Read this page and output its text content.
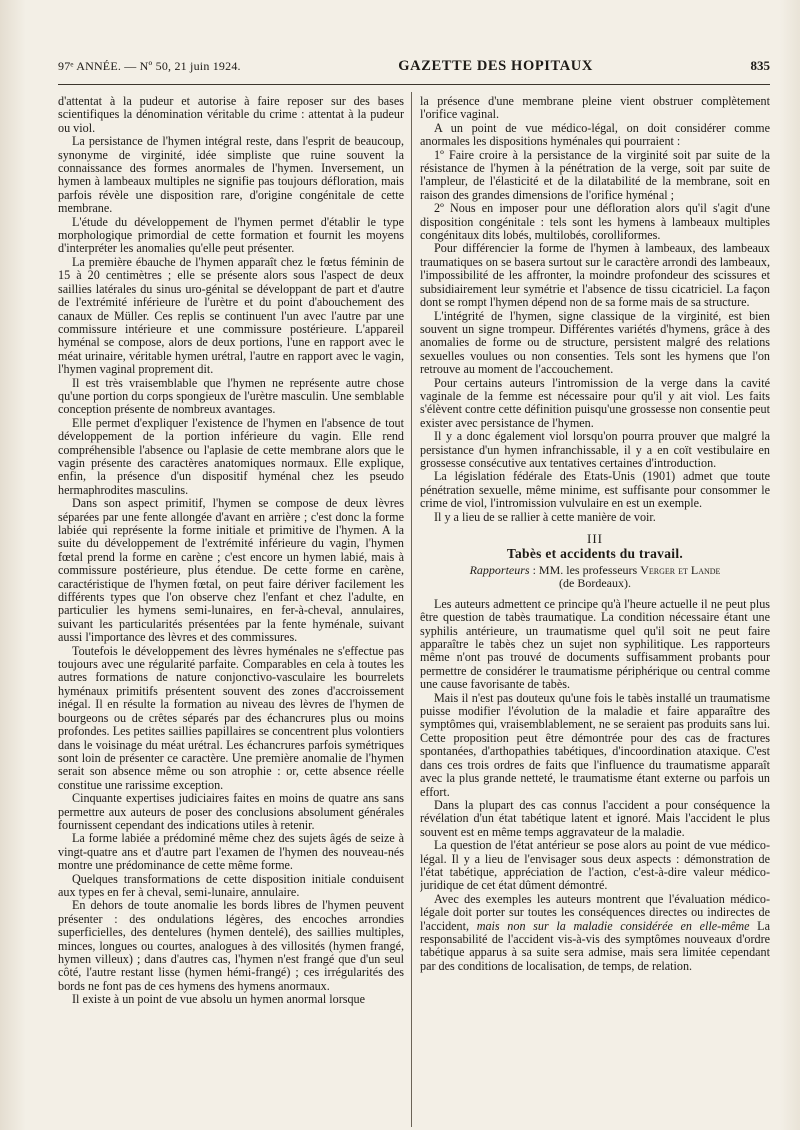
97ᵉ ANNÉE. — Nº 50, 21 juin 1924.	GAZETTE DES HOPITAUX	835

d'attentat à la pudeur et autorise à faire reposer sur des bases scientifiques la dénomination véritable du crime : attentat à la pudeur ou viol.

La persistance de l'hymen intégral reste, dans l'esprit de beaucoup, synonyme de virginité, idée simpliste que ruine souvent la connaissance des formes anormales de l'hymen. Inversement, un hymen à lambeaux multiples ne signifie pas toujours défloration, mais parfois révèle une disposition rare, d'origine congénitale de cette membrane.

L'étude du développement de l'hymen permet d'établir le type morphologique primordial de cette formation et fournit les moyens d'interpréter les anomalies qu'elle peut présenter.

La première ébauche de l'hymen apparaît chez le fœtus féminin de 15 à 20 centimètres ; elle se présente alors sous l'aspect de deux saillies latérales du sinus uro-génital se développant de part et d'autre de l'extrémité inférieure de l'urètre et du point d'abouchement des canaux de Müller. Ces replis se continuent l'un avec l'autre par une commissure intérieure et une commissure postérieure. L'appareil hyménal se compose, alors de deux portions, l'une en rapport avec le méat urinaire, véritable hymen urétral, l'autre en rapport avec le vagin, l'hymen vaginal proprement dit.

Il est très vraisemblable que l'hymen ne représente autre chose qu'une portion du corps spongieux de l'urètre masculin. Une semblable conception présente de nombreux avantages.

Elle permet d'expliquer l'existence de l'hymen en l'absence de tout développement de la portion inférieure du vagin. Elle rend compréhensible l'absence ou l'aplasie de cette membrane alors que le vagin présente des caractères anatomiques normaux. Elle explique, enfin, la présence d'un dispositif hyménal chez les pseudo hermaphrodites masculins.

Dans son aspect primitif, l'hymen se compose de deux lèvres séparées par une fente allongée d'avant en arrière ; c'est donc la forme labiée qui représente la forme initiale et primitive de l'hymen. A la suite du développement de l'extrémité inférieure du vagin, l'hymen fœtal prend la forme en carène ; c'est encore un hymen labié, mais à commissure postérieure, plus étendue. De cette forme en carène, caractéristique de l'hymen fœtal, on peut faire dériver facilement les différents types que l'on observe chez l'enfant et chez l'adulte, en particulier les hymens semi-lunaires, en fer-à-cheval, annulaires, suivant les particularités présentées par la fente hyménale, suivant aussi l'importance des lèvres et des commissures.

Toutefois le développement des lèvres hyménales ne s'effectue pas toujours avec une régularité parfaite. Comparables en cela à toutes les autres formations de nature conjonctivo-vasculaire les bourrelets hyménaux primitifs présentent souvent des zones d'accroissement inégal. Il en résulte la formation au niveau des lèvres de l'hymen de bourgeons ou de crêtes séparés par des échancrures plus ou moins profondes. Les petites saillies papillaires se concentrent plus volontiers dans le voisinage du méat urétral. Les échancrures parfois symétriques sont loin de présenter ce caractère. Une première anomalie de l'hymen serait son absence même ou son atrophie : or, cette absence réelle constitue une rarissime exception.

Cinquante expertises judiciaires faites en moins de quatre ans sans permettre aux auteurs de poser des conclusions absolument générales fournissent cependant des indications utiles à retenir.

La forme labiée a prédominé même chez des sujets âgés de seize à vingt-quatre ans et d'autre part l'examen de l'hymen des nouveau-nés montre une prédominance de cette même forme.

Quelques transformations de cette disposition initiale conduisent aux types en fer à cheval, semi-lunaire, annulaire.

En dehors de toute anomalie les bords libres de l'hymen peuvent présenter : des ondulations légères, des encoches arrondies superficielles, des dentelures (hymen dentelé), des saillies multiples, minces, longues ou courtes, analogues à des villosités (hymen frangé, hymen villeux) ; dans d'autres cas, l'hymen n'est frangé que d'un seul côté, l'autre restant lisse (hymen hémi-frangé) ; ces irrégularités des bords ne font pas de ces hymens des hymens anormaux.

Il existe à un point de vue absolu un hymen anormal lorsque

la présence d'une membrane pleine vient obstruer complètement l'orifice vaginal.

A un point de vue médico-légal, on doit considérer comme anormales les dispositions hyménales qui pourraient :

1º Faire croire à la persistance de la virginité soit par suite de la résistance de l'hymen à la pénétration de la verge, soit par suite de l'ampleur, de l'élasticité et de la dilatabilité de la membrane, soit en raison des grandes dimensions de l'orifice hyménal ;

2º Nous en imposer pour une défloration alors qu'il s'agit d'une disposition congénitale : tels sont les hymens à lambeaux multiples congénitaux dits lobés, multilobés, corolliformes.

Pour différencier la forme de l'hymen à lambeaux, des lambeaux traumatiques on se basera surtout sur le caractère arrondi des lambeaux, l'impossibilité de les affronter, la moindre profondeur des scissures et subsidiairement leur symétrie et l'absence de tissu cicatriciel. La façon dont se rompt l'hymen dépend non de sa forme mais de sa structure.

L'intégrité de l'hymen, signe classique de la virginité, est bien souvent un signe trompeur. Différentes variétés d'hymens, grâce à des anomalies de forme ou de structure, persistent malgré des relations sexuelles voulues ou non consenties. Tels sont les hymens que l'on retrouve au moment de l'accouchement.

Pour certains auteurs l'intromission de la verge dans la cavité vaginale de la femme est nécessaire pour qu'il y ait viol. Les faits s'élèvent contre cette définition puisqu'une grossesse non consentie peut exister avec persistance de l'hymen.

Il y a donc également viol lorsqu'on pourra prouver que malgré la persistance d'un hymen infranchissable, il y a en coït vestibulaire en grossesse consécutive aux tentatives certaines d'introduction.

La législation fédérale des Etats-Unis (1901) admet que toute pénétration sexuelle, même minime, est suffisante pour consommer le crime de viol, l'intromission vulvulaire en est un exemple.

Il y a lieu de se rallier à cette manière de voir.

III
Tabès et accidents du travail.
Rapporteurs : MM. les professeurs Verger et Lande
(de Bordeaux).

Les auteurs admettent ce principe qu'à l'heure actuelle il ne peut plus être question de tabès traumatique. La condition nécessaire étant une syphilis antérieure, un traumatisme quel qu'il soit ne peut faire apparaître le tabès chez un sujet non syphilitique. Les rapporteurs même n'ont pas trouvé de documents suffisamment probants pour permettre de considérer le traumatisme périphérique ou central comme une cause favorisante de tabès.

Mais il n'est pas douteux qu'une fois le tabès installé un traumatisme puisse modifier l'évolution de la maladie et faire apparaître des symptômes qui, vraisemblablement, ne se seraient pas produits sans lui. Cette proposition peut être démontrée pour des cas de fractures spontanées, d'arthopathies tabétiques, d'incoordination ataxique. C'est dans ces trois ordres de faits que l'influence du traumatisme apparaît avec la plus grande netteté, le traumatisme étant externe ou parfois un effort.

Dans la plupart des cas connus l'accident a pour conséquence la révélation d'un état tabétique latent et ignoré. Mais l'accident le plus souvent est en même temps aggravateur de la maladie.

La question de l'état antérieur se pose alors au point de vue médico-légal. Il y a lieu de l'envisager sous deux aspects : démonstration de l'état tabétique, appréciation de l'action, c'est-à-dire valeur médico-juridique de cet état dûment démontré.

Avec des exemples les auteurs montrent que l'évaluation médico-légale doit porter sur toutes les conséquences directes ou indirectes de l'accident, mais non sur la maladie considérée en elle-même La responsabilité de l'accident vis-à-vis des symptômes nouveaux d'ordre tabétique apparus à sa suite sera admise, mais sera limitée cependant par des conditions de localisation, de temps, de relation.
